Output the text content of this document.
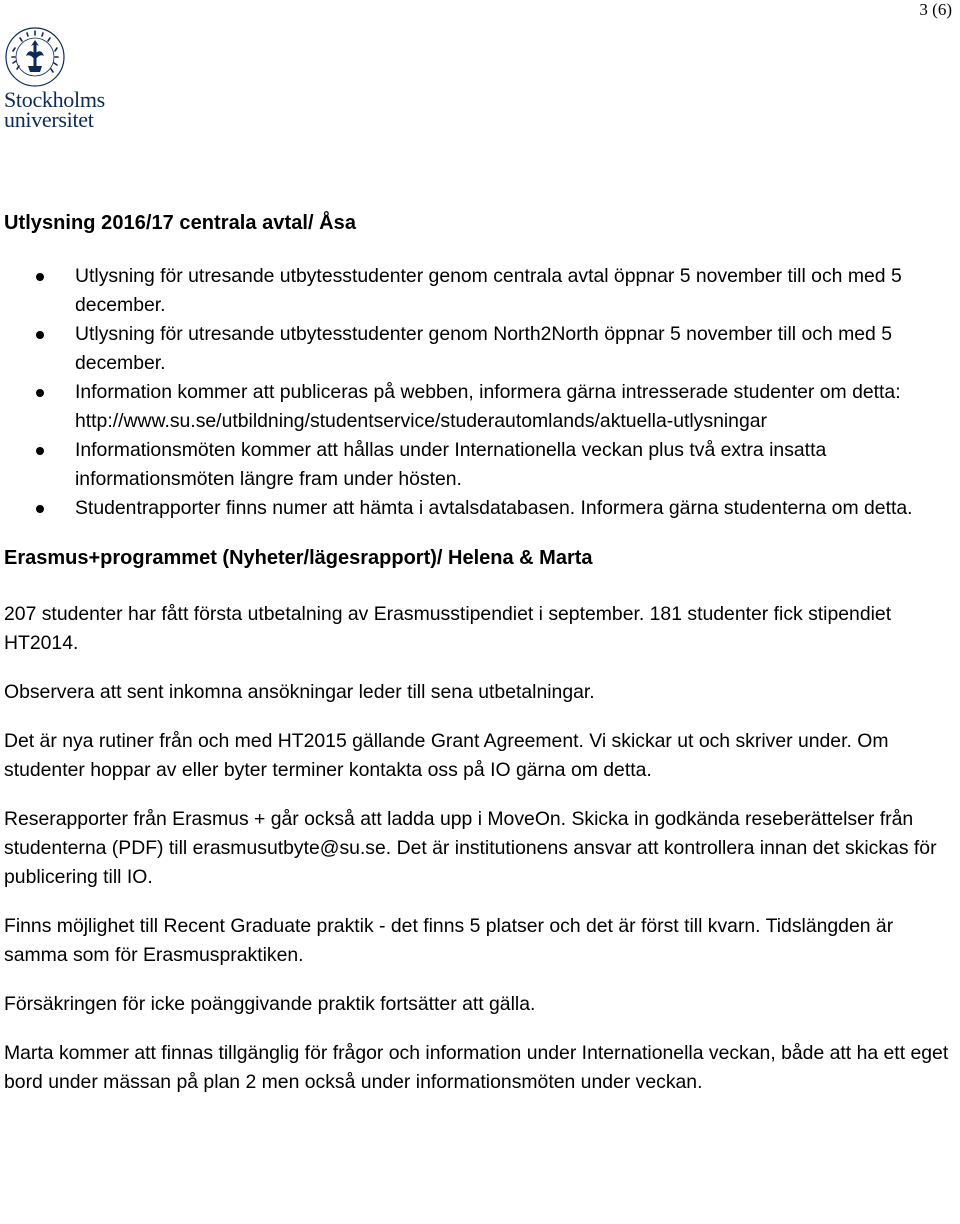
3 (6)
Stockholms
universitet
Utlysning 2016/17 centrala avtal/ Åsa
Utlysning för utresande utbytesstudenter genom centrala avtal öppnar 5 november till och med 5 december.
Utlysning för utresande utbytesstudenter genom North2North öppnar 5 november till och med 5 december.
Information kommer att publiceras på webben, informera gärna intresserade studenter om detta: http://www.su.se/utbildning/studentservice/studerautomlands/aktuella-utlysningar
Informationsmöten kommer att hållas under Internationella veckan plus två extra insatta informationsmöten längre fram under hösten.
Studentrapporter finns numer att hämta i avtalsdatabasen. Informera gärna studenterna om detta.
Erasmus+programmet (Nyheter/lägesrapport)/ Helena & Marta

207 studenter har fått första utbetalning av Erasmusstipendiet i september. 181 studenter fick stipendiet HT2014.

Observera att sent inkomna ansökningar leder till sena utbetalningar.

Det är nya rutiner från och med HT2015 gällande Grant Agreement. Vi skickar ut och skriver under. Om studenter hoppar av eller byter terminer kontakta oss på IO gärna om detta.

Reserapporter från Erasmus + går också att ladda upp i MoveOn. Skicka in godkända reseberättelser från studenterna (PDF) till erasmusutbyte@su.se. Det är institutionens ansvar att kontrollera innan det skickas för publicering till IO.

Finns möjlighet till Recent Graduate praktik - det finns 5 platser och det är först till kvarn. Tidslängden är samma som för Erasmuspraktiken.

Försäkringen för icke poänggivande praktik fortsätter att gälla.

Marta kommer att finnas tillgänglig för frågor och information under Internationella veckan, både att ha ett eget bord under mässan på plan 2 men också under informationsmöten under veckan.
